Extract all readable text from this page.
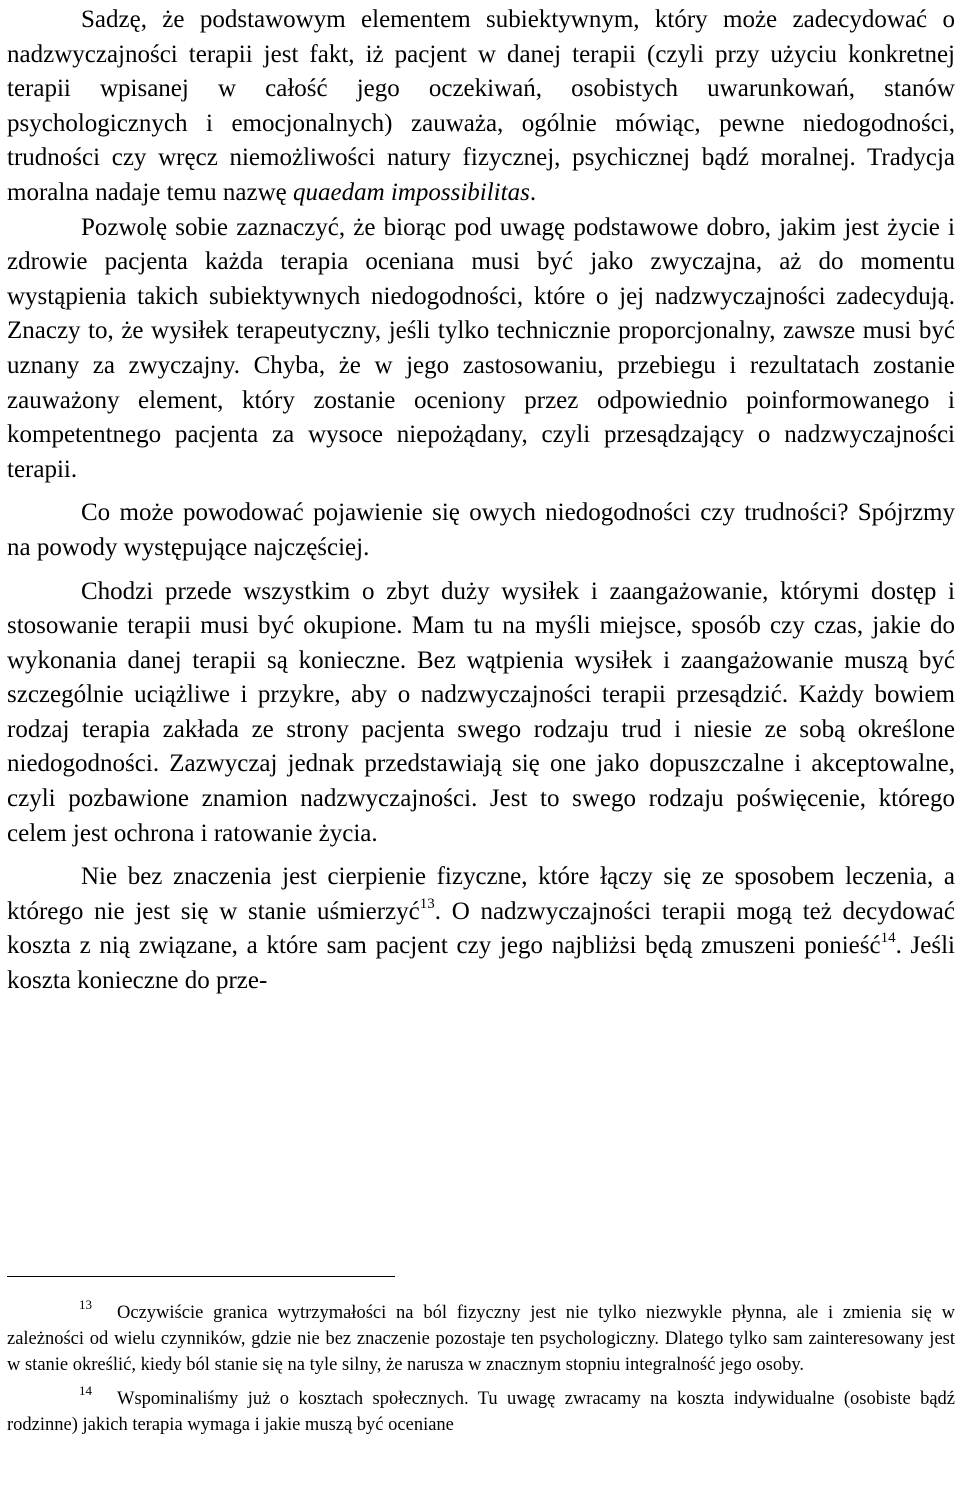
Sadzę, że podstawowym elementem subiektywnym, który może zadecydować o nadzwyczajności terapii jest fakt, iż pacjent w danej terapii (czyli przy użyciu konkretnej terapii wpisanej w całość jego oczekiwań, osobistych uwarunkowań, stanów psychologicznych i emocjonalnych) zauważa, ogólnie mówiąc, pewne niedogodności, trudności czy wręcz niemożliwości natury fizycznej, psychicznej bądź moralnej. Tradycja moralna nadaje temu nazwę quaedam impossibilitas.

Pozwolę sobie zaznaczyć, że biorąc pod uwagę podstawowe dobro, jakim jest życie i zdrowie pacjenta każda terapia oceniana musi być jako zwyczajna, aż do momentu wystąpienia takich subiektywnych niedogodności, które o jej nadzwyczajności zadecydują. Znaczy to, że wysiłek terapeutyczny, jeśli tylko technicznie proporcjonalny, zawsze musi być uznany za zwyczajny. Chyba, że w jego zastosowaniu, przebiegu i rezultatach zostanie zauważony element, który zostanie oceniony przez odpowiednio poinformowanego i kompetentnego pacjenta za wysoce niepożądany, czyli przesądzający o nadzwyczajności terapii.

Co może powodować pojawienie się owych niedogodności czy trudności? Spójrzmy na powody występujące najczęściej.

Chodzi przede wszystkim o zbyt duży wysiłek i zaangażowanie, którymi dostęp i stosowanie terapii musi być okupione. Mam tu na myśli miejsce, sposób czy czas, jakie do wykonania danej terapii są konieczne. Bez wątpienia wysiłek i zaangażowanie muszą być szczególnie uciążliwe i przykre, aby o nadzwyczajności terapii przesądzić. Każdy bowiem rodzaj terapia zakłada ze strony pacjenta swego rodzaju trud i niesie ze sobą określone niedogodności. Zazwyczaj jednak przedstawiają się one jako dopuszczalne i akceptowalne, czyli pozbawione znamion nadzwyczajności. Jest to swego rodzaju poświęcenie, którego celem jest ochrona i ratowanie życia.

Nie bez znaczenia jest cierpienie fizyczne, które łączy się ze sposobem leczenia, a którego nie jest się w stanie uśmierzyć$^{13}$. O nadzwyczajności terapii mogą też decydować koszta z nią związane, a które sam pacjent czy jego najbliżsi będą zmuszeni ponieść$^{14}$. Jeśli koszta konieczne do prze-

13 Oczywiście granica wytrzymałości na ból fizyczny jest nie tylko niezwykle płynna, ale i zmienia się w zależności od wielu czynników, gdzie nie bez znaczenie pozostaje ten psychologiczny. Dlatego tylko sam zainteresowany jest w stanie określić, kiedy ból stanie się na tyle silny, że narusza w znacznym stopniu integralność jego osoby.

14 Wspominaliśmy już o kosztach społecznych. Tu uwagę zwracamy na koszta indywidualne (osobiste bądź rodzinne) jakich terapia wymaga i jakie muszą być oceniane
